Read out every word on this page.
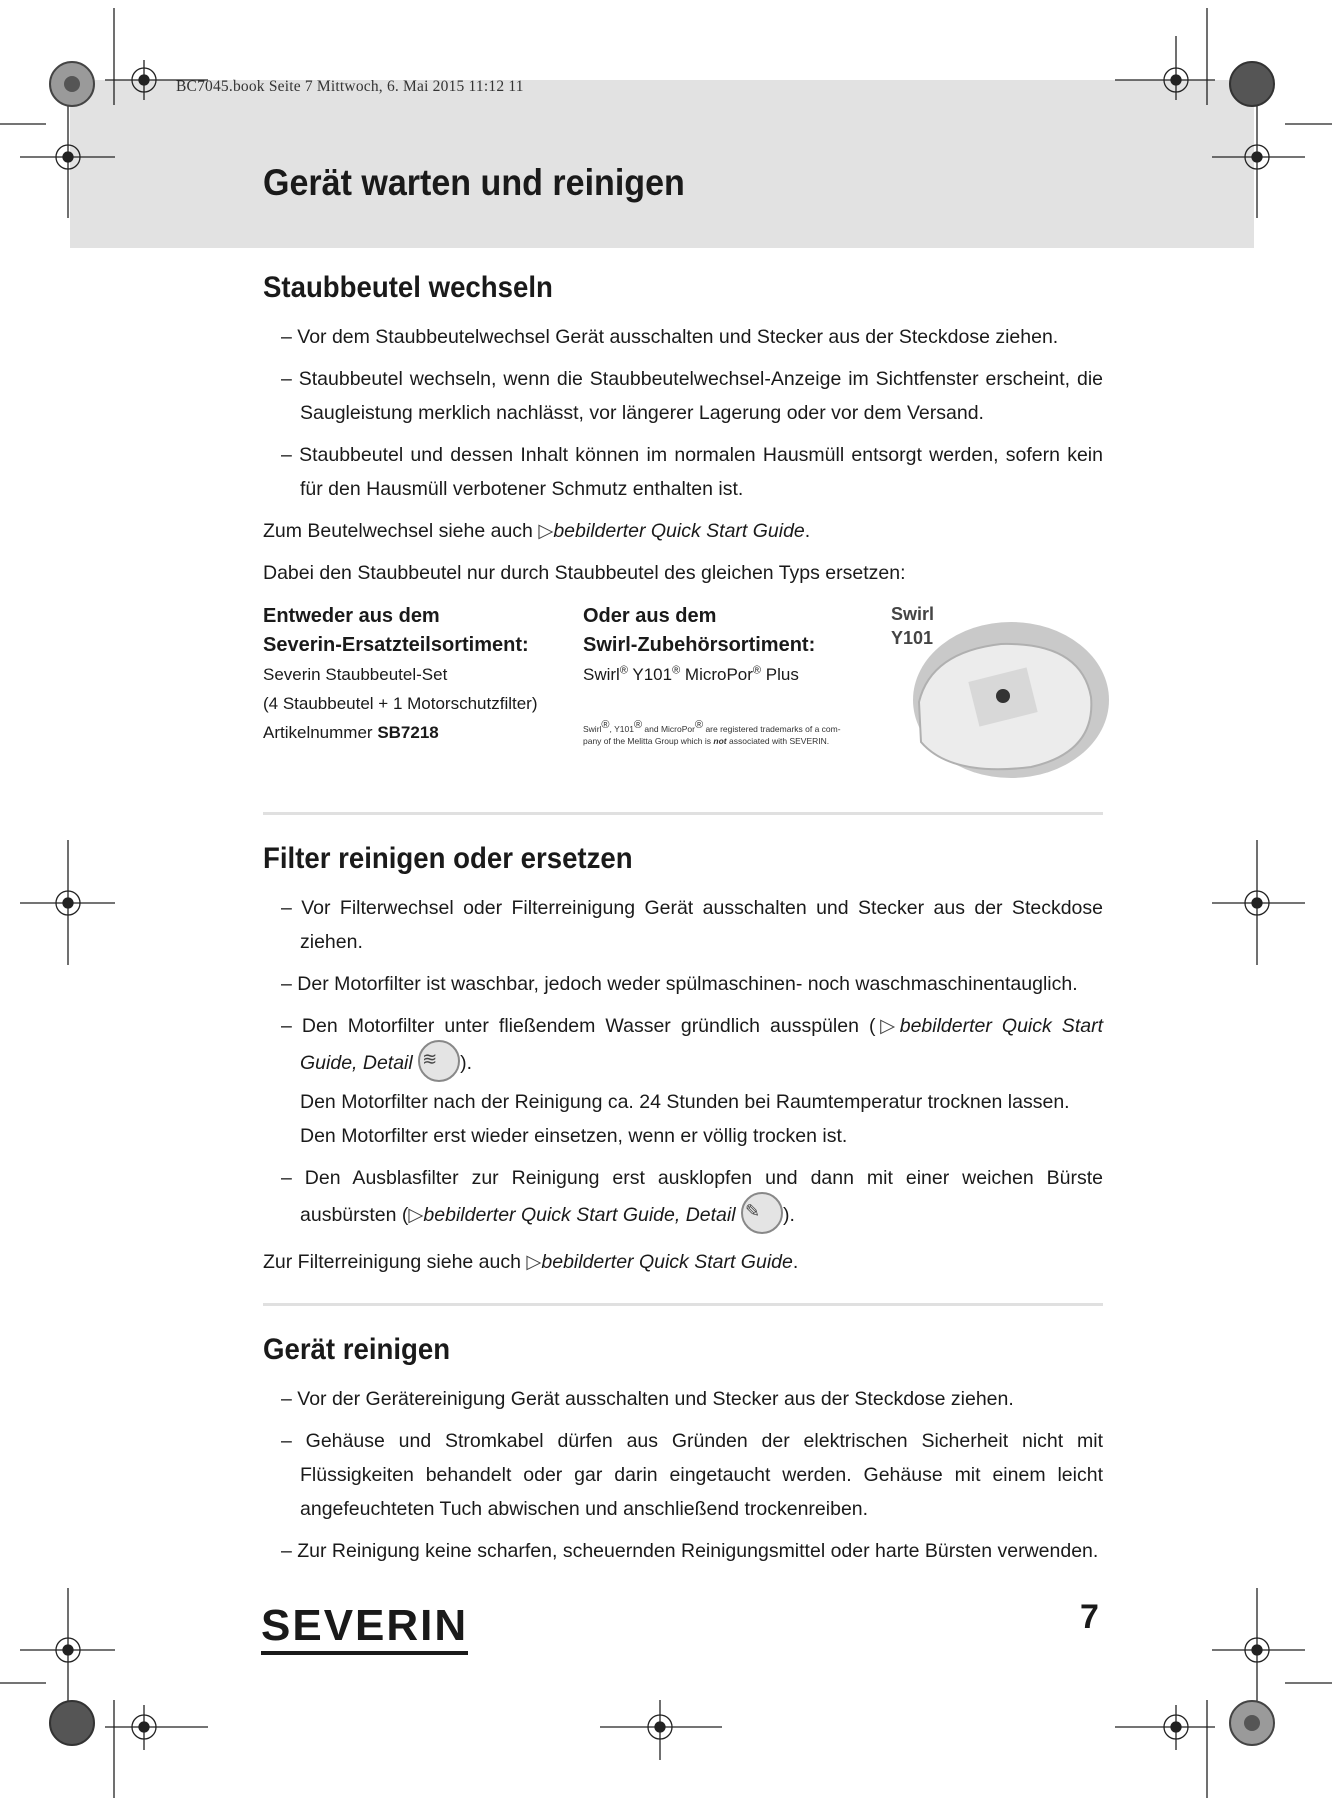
BC7045.book Seite 7 Mittwoch, 6. Mai 2015 11:12 11
Gerät warten und reinigen
Staubbeutel wechseln

– Vor dem Staubbeutelwechsel Gerät ausschalten und Stecker aus der Steckdose ziehen.

– Staubbeutel wechseln, wenn die Staubbeutelwechsel-Anzeige im Sichtfenster erscheint, die Saugleistung merklich nachlässt, vor längerer Lagerung oder vor dem Versand.

– Staubbeutel und dessen Inhalt können im normalen Hausmüll entsorgt werden, sofern kein für den Hausmüll verbotener Schmutz enthalten ist.

Zum Beutelwechsel siehe auch ▷bebilderter Quick Start Guide.

Dabei den Staubbeutel nur durch Staubbeutel des gleichen Typs ersetzen:

Entweder aus dem
Severin-Ersatzteilsortiment:
Severin Staubbeutel-Set
(4 Staubbeutel + 1 Motorschutzfilter)
Artikelnummer SB7218
Oder aus dem
Swirl-Zubehörsortiment:
Swirl® Y101® MicroPor® Plus
Swirl®, Y101® and MicroPor® are registered trademarks of a com-
pany of the Melitta Group which is not associated with SEVERIN.
Swirl
Y101
Filter reinigen oder ersetzen

– Vor Filterwechsel oder Filterreinigung Gerät ausschalten und Stecker aus der Steckdose ziehen.

– Der Motorfilter ist waschbar, jedoch weder spülmaschinen- noch waschmaschinentauglich.

– Den Motorfilter unter fließendem Wasser gründlich ausspülen (▷bebilderter Quick Start Guide, Detail ≋ ).

Den Motorfilter nach der Reinigung ca. 24 Stunden bei Raumtemperatur trocknen lassen.

Den Motorfilter erst wieder einsetzen, wenn er völlig trocken ist.

– Den Ausblasfilter zur Reinigung erst ausklopfen und dann mit einer weichen Bürste ausbürsten (▷bebilderter Quick Start Guide, Detail ✎ ).

Zur Filterreinigung siehe auch ▷bebilderter Quick Start Guide.

Gerät reinigen

– Vor der Gerätereinigung Gerät ausschalten und Stecker aus der Steckdose ziehen.

– Gehäuse und Stromkabel dürfen aus Gründen der elektrischen Sicherheit nicht mit Flüssigkeiten behandelt oder gar darin eingetaucht werden. Gehäuse mit einem leicht angefeuchteten Tuch abwischen und anschließend trockenreiben.

– Zur Reinigung keine scharfen, scheuernden Reinigungsmittel oder harte Bürsten verwenden.

SEVERIN	7
